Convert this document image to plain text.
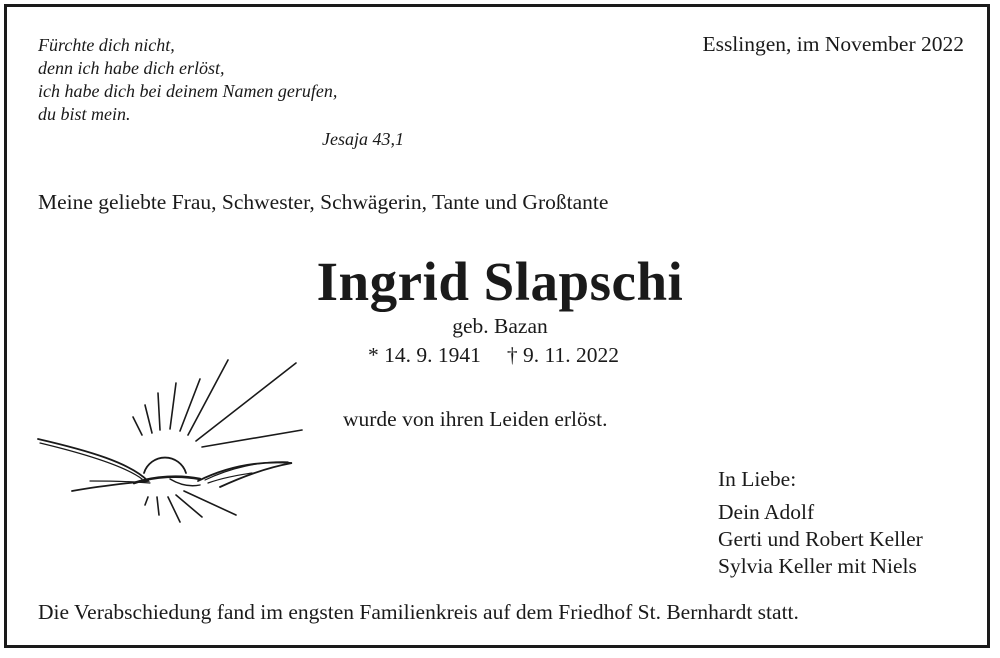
Fürchte dich nicht,
denn ich habe dich erlöst,
ich habe dich bei deinem Namen gerufen,
du bist mein.
Jesaja 43,1
Esslingen, im November 2022
Meine geliebte Frau, Schwester, Schwägerin, Tante und Großtante
Ingrid Slapschi
geb. Bazan
* 14. 9. 1941 † 9. 11. 2022
wurde von ihren Leiden erlöst.
In Liebe:
Dein Adolf
Gerti und Robert Keller
Sylvia Keller mit Niels
Die Verabschiedung fand im engsten Familienkreis auf dem Friedhof St. Bernhardt statt.
